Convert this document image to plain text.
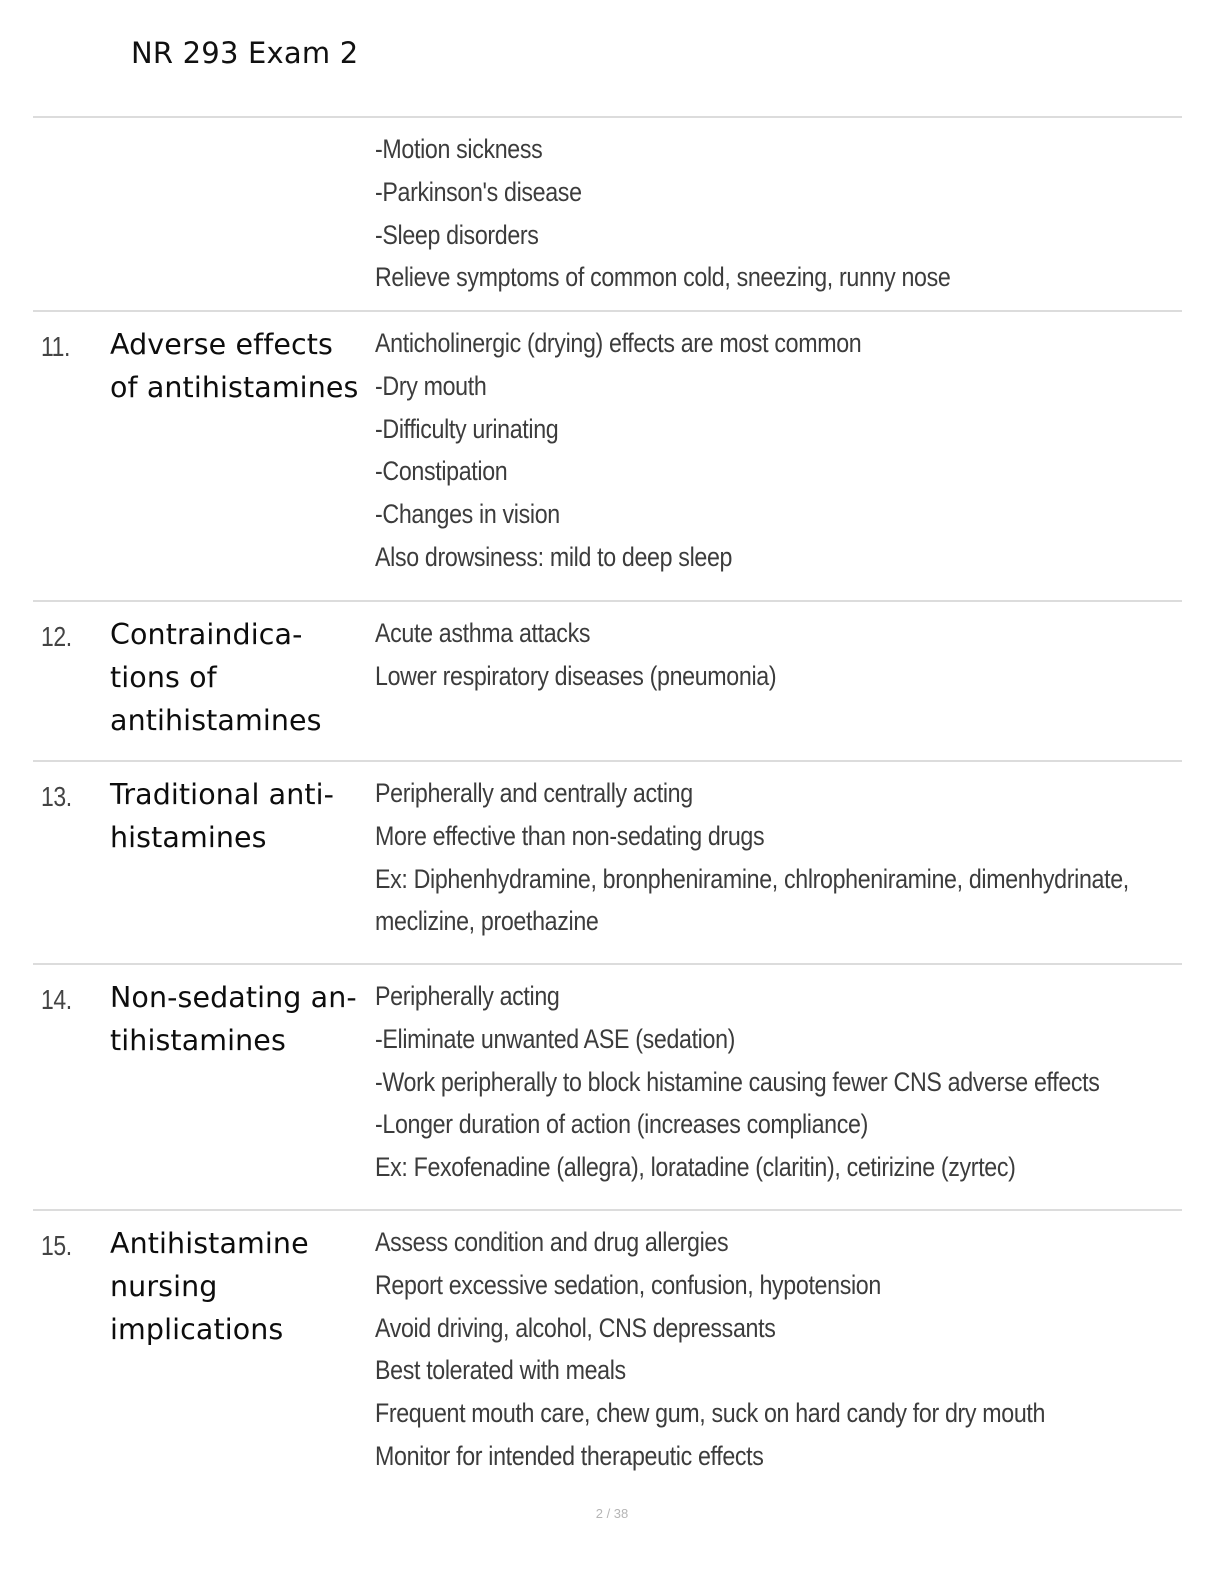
NR 293 Exam 2
-Motion sickness
-Parkinson's disease
-Sleep disorders
Relieve symptoms of common cold, sneezing, runny nose
11. Adverse effects
of antihistamines
Anticholinergic (drying) effects are most common
-Dry mouth
-Difficulty urinating
-Constipation
-Changes in vision
Also drowsiness: mild to deep sleep
12. Contraindica-
tions of
antihistamines
Acute asthma attacks
Lower respiratory diseases (pneumonia)
13. Traditional anti-
histamines
Peripherally and centrally acting
More effective than non-sedating drugs
Ex: Diphenhydramine, bronpheniramine, chlropheniramine, dimenhydrinate,
meclizine, proethazine
14. Non-sedating an-
tihistamines
Peripherally acting
-Eliminate unwanted ASE (sedation)
-Work peripherally to block histamine causing fewer CNS adverse effects
-Longer duration of action (increases compliance)
Ex: Fexofenadine (allegra), loratadine (claritin), cetirizine (zyrtec)
15. Antihistamine
nursing
implications
Assess condition and drug allergies
Report excessive sedation, confusion, hypotension
Avoid driving, alcohol, CNS depressants
Best tolerated with meals
Frequent mouth care, chew gum, suck on hard candy for dry mouth
Monitor for intended therapeutic effects
2 / 38
